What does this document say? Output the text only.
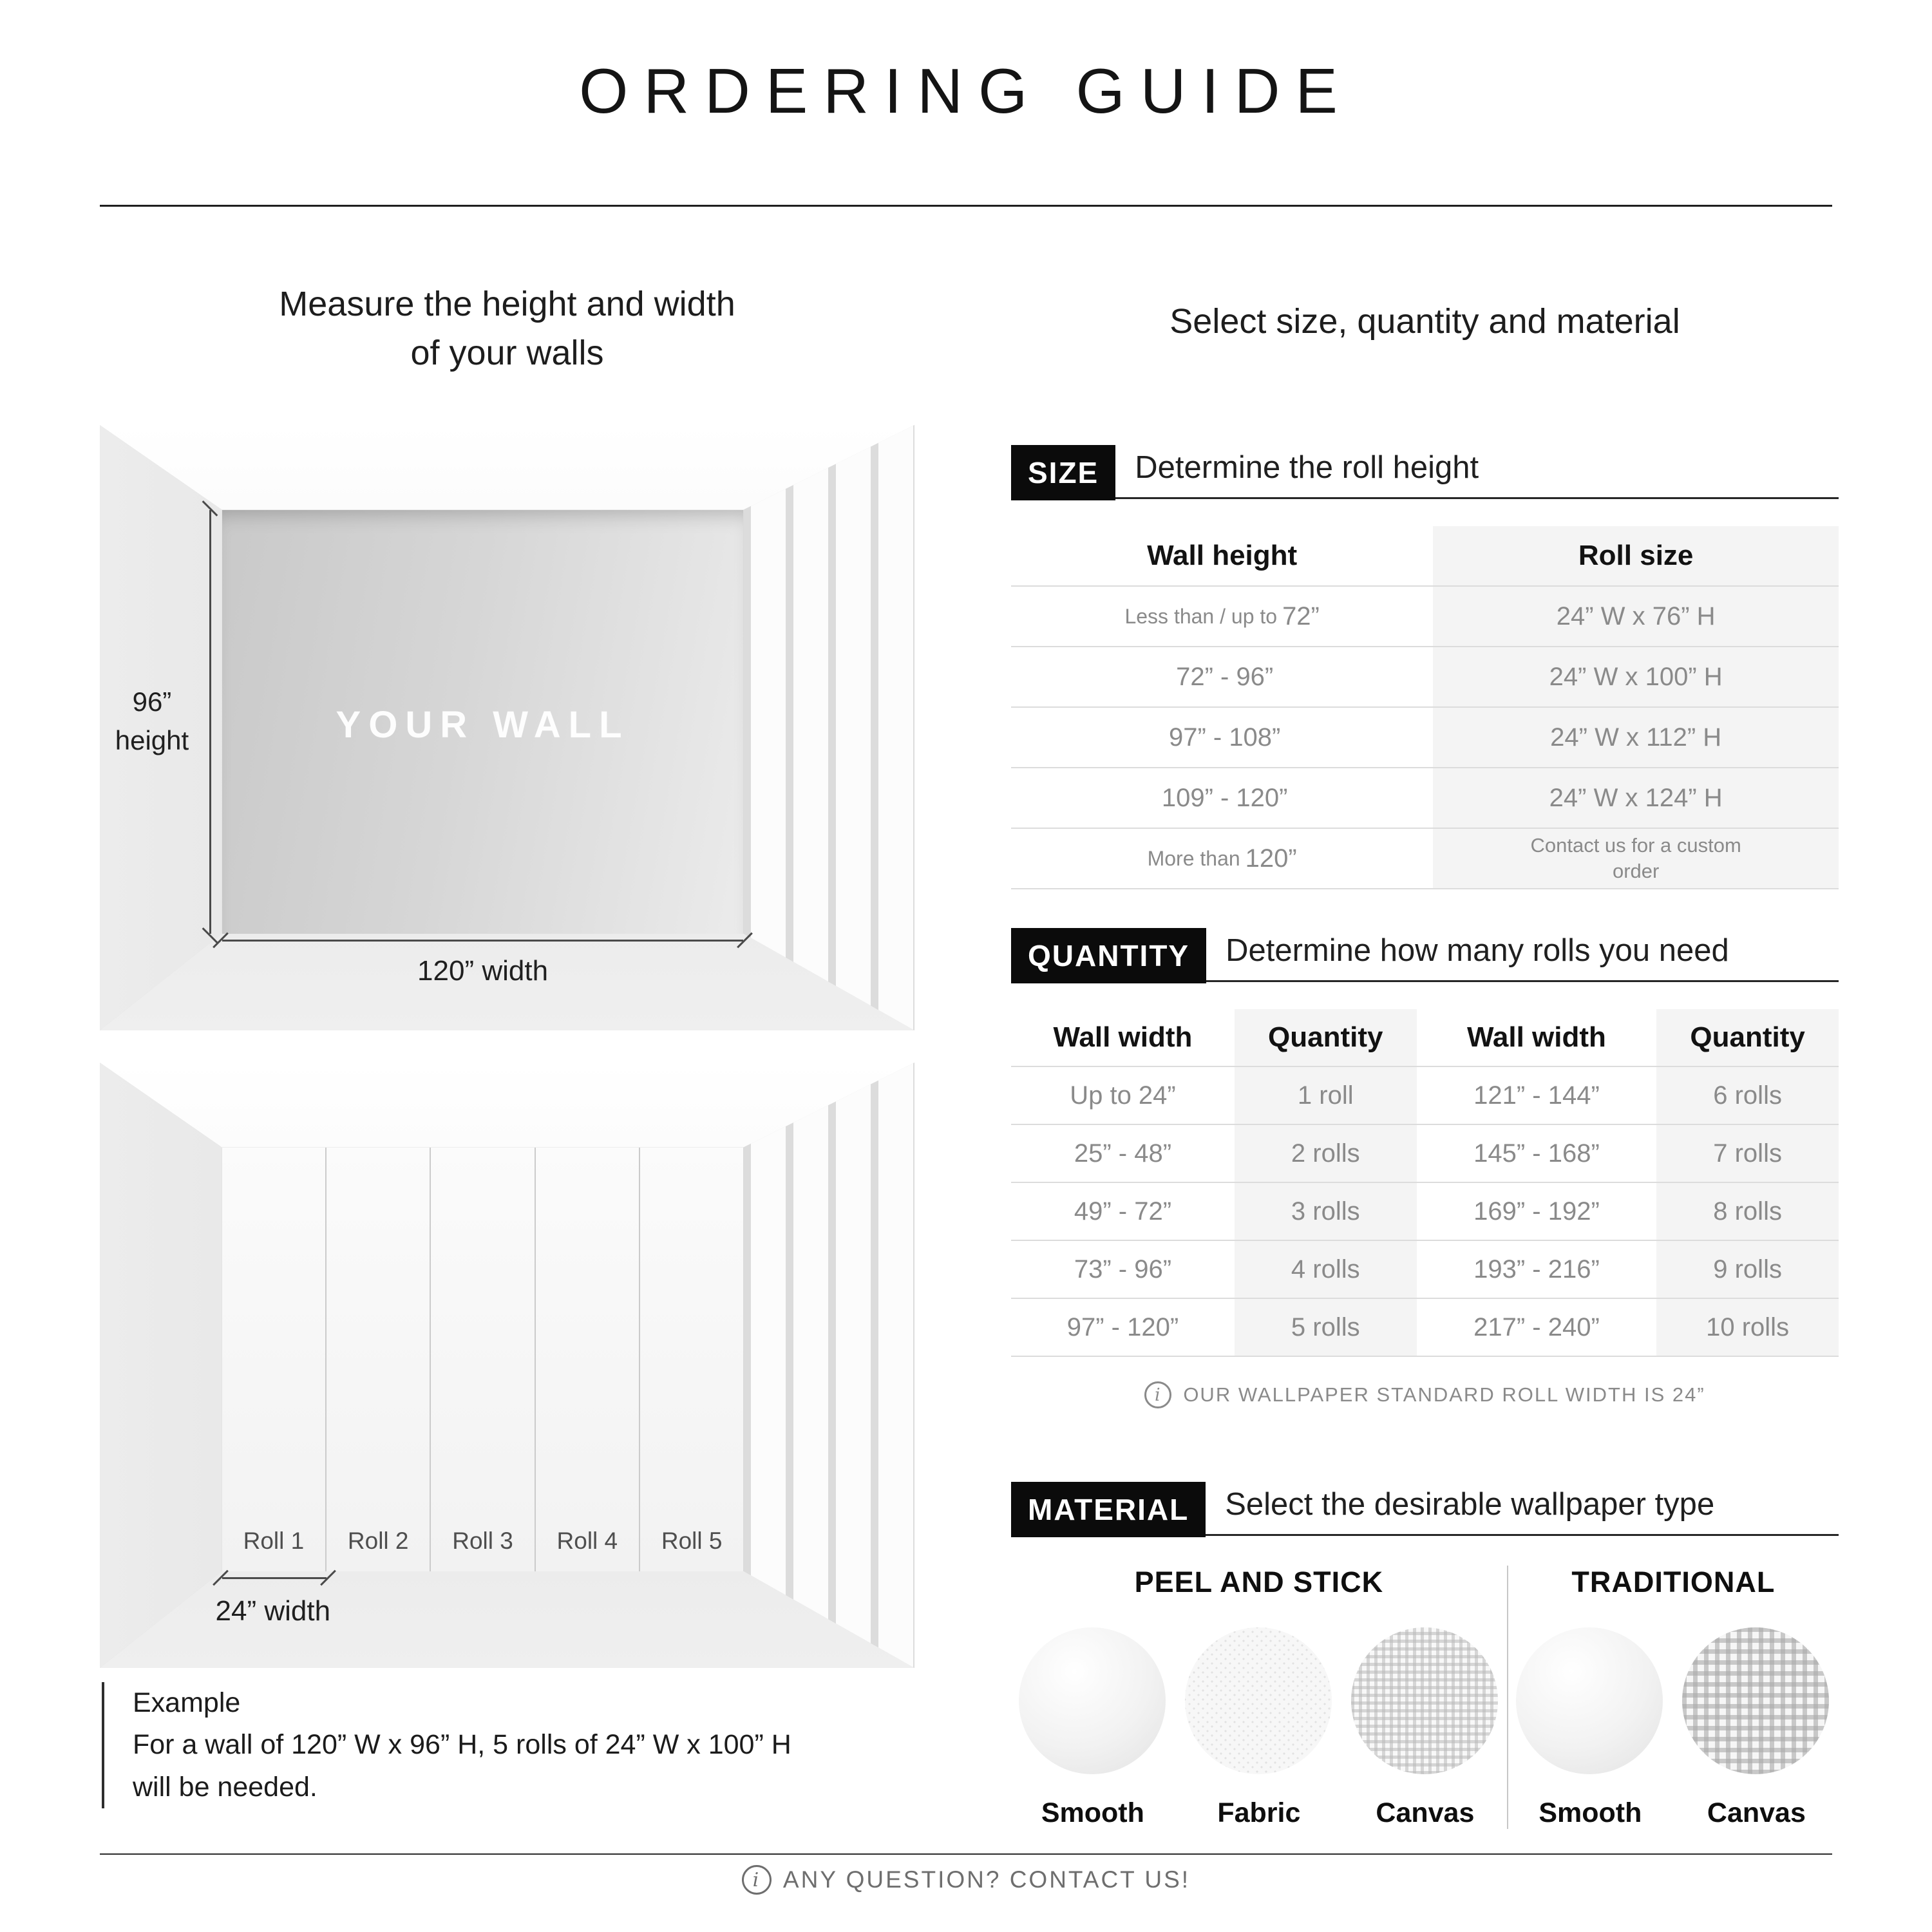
ORDERING GUIDE
Measure the height and width
of your walls
YOUR WALL
96”
height
120” width
Roll 1	Roll 2	Roll 3	Roll 4	Roll 5
24” width
Example
For a wall of 120” W x 96” H, 5 rolls of 24” W x 100” H
will be needed.
Select size, quantity and material
SIZE	Determine the roll height
Wall height	Roll size
Less than / up to 72”	24” W x 76” H
72” - 96”	24” W x 100” H
97” - 108”	24” W x 112” H
109” - 120”	24” W x 124” H
More than 120”	Contact us for a custom order
QUANTITY	Determine how many rolls you need
Wall width	Quantity	Wall width	Quantity
Up to 24”	1 roll	121” - 144”	6 rolls
25” - 48”	2 rolls	145” - 168”	7 rolls
49” - 72”	3 rolls	169” - 192”	8 rolls
73” - 96”	4 rolls	193” - 216”	9 rolls
97” - 120”	5 rolls	217” - 240”	10 rolls
i	OUR WALLPAPER STANDARD ROLL WIDTH IS 24”
MATERIAL	Select the desirable wallpaper type
PEEL AND STICK
Smooth	Fabric	Canvas
TRADITIONAL
Smooth	Canvas
i ANY QUESTION? CONTACT US!
